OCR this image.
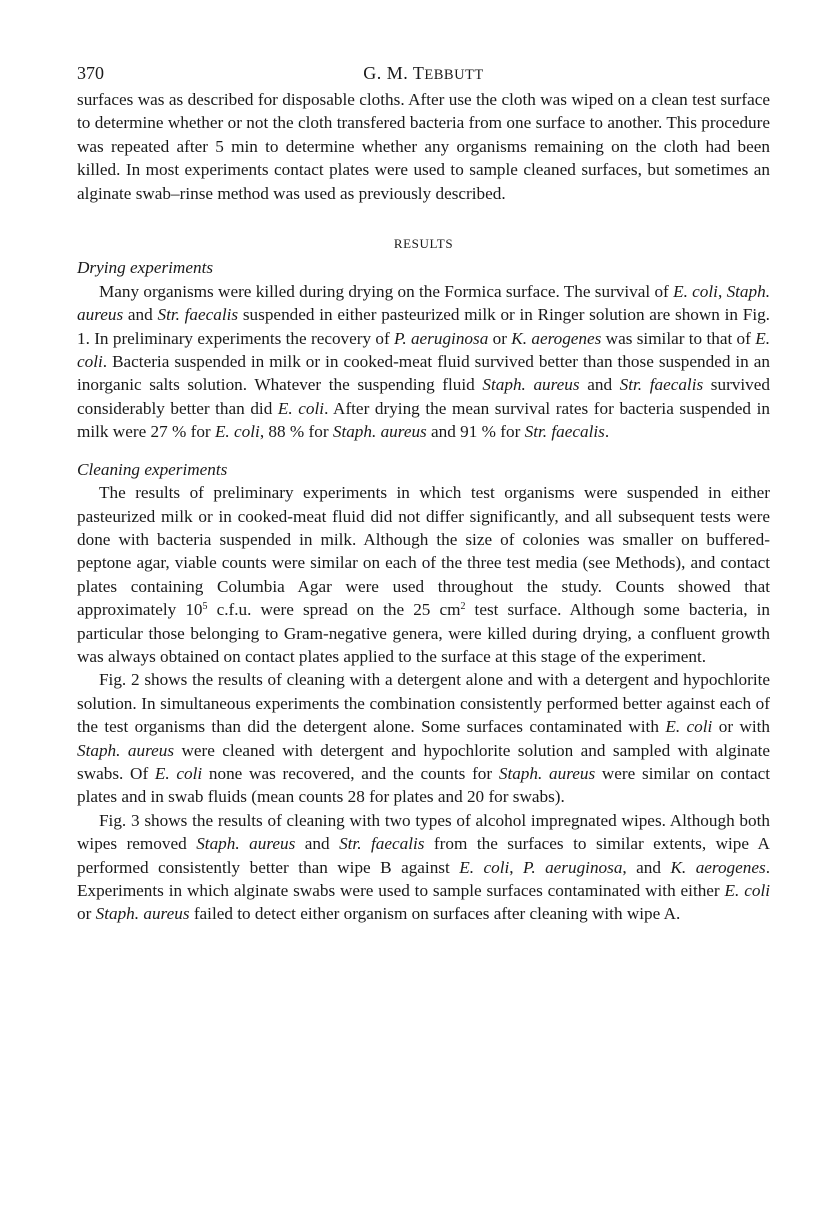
370	G. M. TEBBUTT

surfaces was as described for disposable cloths. After use the cloth was wiped on a clean test surface to determine whether or not the cloth transfered bacteria from one surface to another. This procedure was repeated after 5 min to determine whether any organisms remaining on the cloth had been killed. In most experiments contact plates were used to sample cleaned surfaces, but sometimes an alginate swab–rinse method was used as previously described.

RESULTS

Drying experiments

Many organisms were killed during drying on the Formica surface. The survival of E. coli, Staph. aureus and Str. faecalis suspended in either pasteurized milk or in Ringer solution are shown in Fig. 1. In preliminary experiments the recovery of P. aeruginosa or K. aerogenes was similar to that of E. coli. Bacteria suspended in milk or in cooked-meat fluid survived better than those suspended in an inorganic salts solution. Whatever the suspending fluid Staph. aureus and Str. faecalis survived considerably better than did E. coli. After drying the mean survival rates for bacteria suspended in milk were 27 % for E. coli, 88 % for Staph. aureus and 91 % for Str. faecalis.

Cleaning experiments

The results of preliminary experiments in which test organisms were suspended in either pasteurized milk or in cooked-meat fluid did not differ significantly, and all subsequent tests were done with bacteria suspended in milk. Although the size of colonies was smaller on buffered-peptone agar, viable counts were similar on each of the three test media (see Methods), and contact plates containing Columbia Agar were used throughout the study. Counts showed that approximately $10^5$ c.f.u. were spread on the 25 $cm^2$ test surface. Although some bacteria, in particular those belonging to Gram-negative genera, were killed during drying, a confluent growth was always obtained on contact plates applied to the surface at this stage of the experiment.

Fig. 2 shows the results of cleaning with a detergent alone and with a detergent and hypochlorite solution. In simultaneous experiments the combination consistently performed better against each of the test organisms than did the detergent alone. Some surfaces contaminated with E. coli or with Staph. aureus were cleaned with detergent and hypochlorite solution and sampled with alginate swabs. Of E. coli none was recovered, and the counts for Staph. aureus were similar on contact plates and in swab fluids (mean counts 28 for plates and 20 for swabs).

Fig. 3 shows the results of cleaning with two types of alcohol impregnated wipes. Although both wipes removed Staph. aureus and Str. faecalis from the surfaces to similar extents, wipe A performed consistently better than wipe B against E. coli, P. aeruginosa, and K. aerogenes. Experiments in which alginate swabs were used to sample surfaces contaminated with either E. coli or Staph. aureus failed to detect either organism on surfaces after cleaning with wipe A.
